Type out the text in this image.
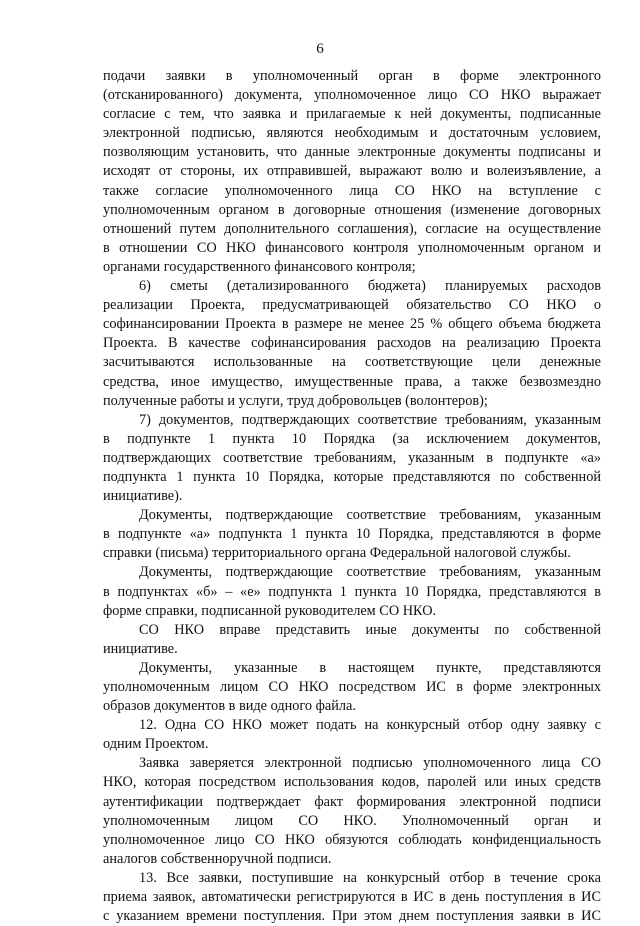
6

подачи заявки в уполномоченный орган в форме электронного

(отсканированного) документа, уполномоченное лицо СО НКО выражает

согласие с тем, что заявка и прилагаемые к ней документы, подписанные

электронной подписью, являются необходимым и достаточным условием,

позволяющим установить, что данные электронные документы подписаны и

исходят от стороны, их отправившей, выражают волю и волеизъявление, а

также согласие уполномоченного лица СО НКО на вступление с

уполномоченным органом в договорные отношения (изменение договорных

отношений путем дополнительного соглашения), согласие на осуществление

в отношении СО НКО финансового контроля уполномоченным органом и

органами государственного финансового контроля;

6) сметы (детализированного бюджета) планируемых расходов

реализации Проекта, предусматривающей обязательство СО НКО о

софинансировании Проекта в размере не менее 25 % общего объема бюджета

Проекта. В качестве софинансирования расходов на реализацию Проекта

засчитываются использованные на соответствующие цели денежные

средства, иное имущество, имущественные права, а также безвозмездно

полученные работы и услуги, труд добровольцев (волонтеров);

7) документов, подтверждающих соответствие требованиям, указанным

в подпункте 1 пункта 10 Порядка (за исключением документов,

подтверждающих соответствие требованиям, указанным в подпункте «а»

подпункта 1 пункта 10 Порядка, которые представляются по собственной

инициативе).

Документы, подтверждающие соответствие требованиям, указанным

в подпункте «а» подпункта 1 пункта 10 Порядка, представляются в форме

справки (письма) территориального органа Федеральной налоговой службы.

Документы, подтверждающие соответствие требованиям, указанным

в подпунктах «б» – «е» подпункта 1 пункта 10 Порядка, представляются в

форме справки, подписанной руководителем СО НКО.

СО НКО вправе представить иные документы по собственной

инициативе.

Документы, указанные в настоящем пункте, представляются

уполномоченным лицом СО НКО посредством ИС в форме электронных

образов документов в виде одного файла.

12. Одна СО НКО может подать на конкурсный отбор одну заявку с

одним Проектом.

Заявка заверяется электронной подписью уполномоченного лица СО

НКО, которая посредством использования кодов, паролей или иных средств

аутентификации подтверждает факт формирования электронной подписи

уполномоченным лицом СО НКО. Уполномоченный орган и

уполномоченное лицо СО НКО обязуются соблюдать конфиденциальность

аналогов собственноручной подписи.

13. Все заявки, поступившие на конкурсный отбор в течение срока

приема заявок, автоматически регистрируются в ИС в день поступления в ИС

с указанием времени поступления. При этом днем поступления заявки в ИС
